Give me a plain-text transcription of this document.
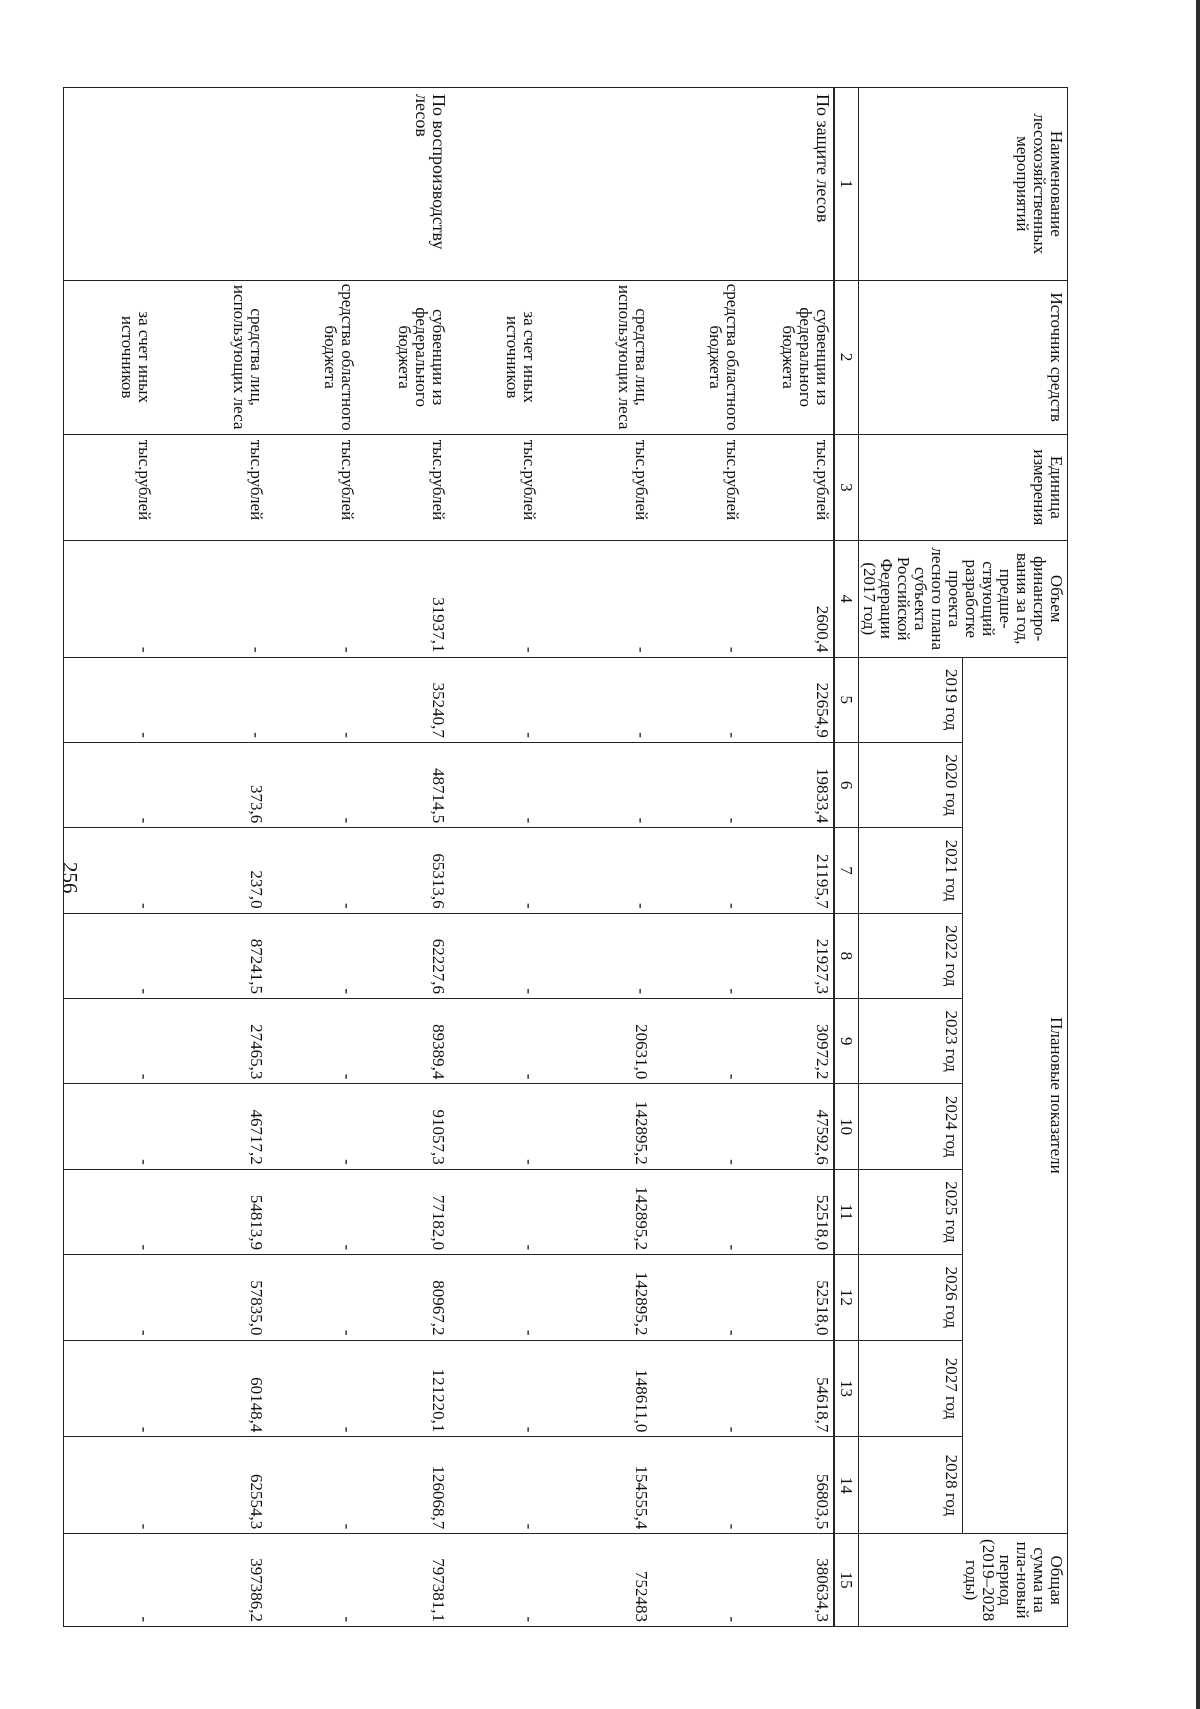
256
Наименование лесохозяйственных мероприятий	Источник средств	Единица измерения	Объем финансиро-вания за год, предше-ствующий разработке проекта лесного плана субъекта Российской Федерации (2017 год)	Плановые показатели										Общая сумма на пла-новый период (2019–2028 годы)
				2019 год	2020 год	2021 год	2022 год	2023 год	2024 год	2025 год	2026 год	2027 год	2028 год	
1	2	3	4	5	6	7	8	9	10	11	12	13	14	15
По защите лесов	субвенции из федерального бюджета	тыс.рублей	2600,4	22654,9	19833,4	21195,7	21927,3	30972,2	47592,6	52518,0	52518,0	54618,7	56803,5	380634,3
	средства областного бюджета	тыс.рублей	-	-	-	-	-	-	-	-	-	-	-	-
	средства лиц, использующих леса	тыс.рублей	-	-	-	-	-	20631,0	142895,2	142895,2	142895,2	148611,0	154555,4	752483
	за счет иных источников	тыс.рублей	-	-	-	-	-	-	-	-	-	-	-	-
По воспроизводству лесов	субвенции из федерального бюджета	тыс.рублей	31937,1	35240,7	48714,5	65313,6	62227,6	89389,4	91057,3	77182,0	80967,2	121220,1	126068,7	797381,1
	средства областного бюджета	тыс.рублей	-	-	-	-	-	-	-	-	-	-	-	-
	средства лиц, использующих леса	тыс.рублей	-	-	373,6	237,0	87241,5	27465,3	46717,2	54813,9	57835,0	60148,4	62554,3	397386,2
	за счет иных источников	тыс.рублей	-	-	-	-	-	-	-	-	-	-	-	-
